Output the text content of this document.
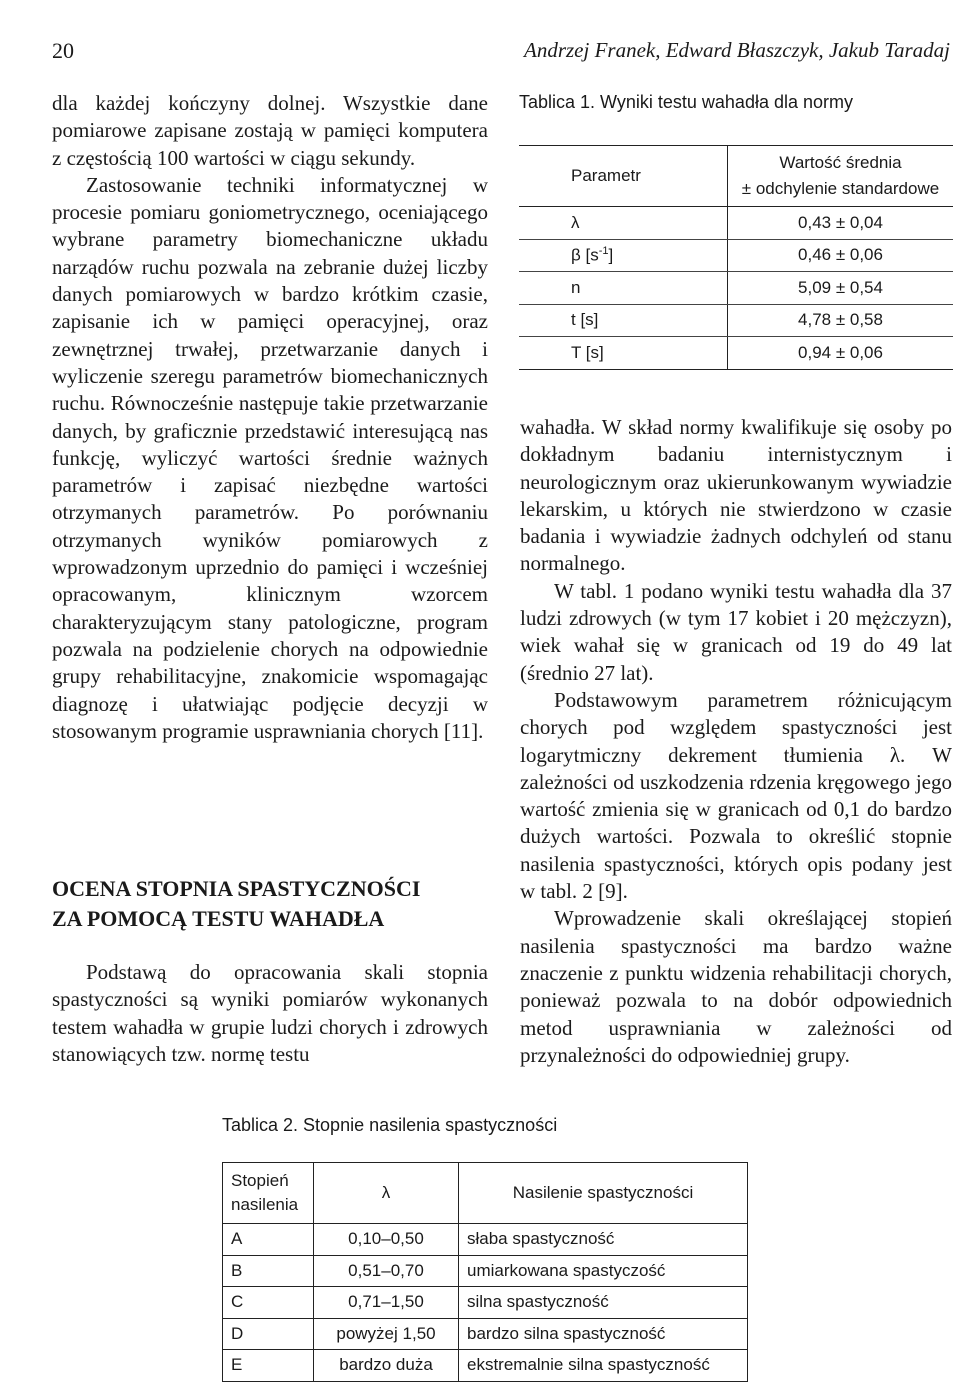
20	Andrzej Franek, Edward Błaszczyk, Jakub Taradaj

dla każdej kończyny dolnej. Wszystkie dane pomiarowe zapisane zostają w pamięci komputera z częstością 100 wartości w ciągu sekundy.

Zastosowanie techniki informatycznej w procesie pomiaru goniometrycznego, oceniającego wybrane parametry biomechaniczne układu narządów ruchu pozwala na zebranie dużej liczby danych pomiarowych w bardzo krótkim czasie, zapisanie ich w pamięci operacyjnej, oraz zewnętrznej trwałej, przetwarzanie danych i wyliczenie szeregu parametrów biomechanicznych ruchu. Równocześnie następuje takie przetwarzanie danych, by graficznie przedstawić interesującą nas funkcję, wyliczyć wartości średnie ważnych parametrów i zapisać niezbędne wartości otrzymanych parametrów. Po porównaniu otrzymanych wyników pomiarowych z wprowadzonym uprzednio do pamięci i wcześniej opracowanym, klinicznym wzorcem charakteryzującym stany patologiczne, program pozwala na podzielenie chorych na odpowiednie grupy rehabilitacyjne, znakomicie wspomagając diagnozę i ułatwiając podjęcie decyzji w stosowanym programie usprawniania chorych [11].

OCENA STOPNIA SPASTYCZNOŚCI
ZA POMOCĄ TESTU WAHADŁA

Podstawą do opracowania skali stopnia spastyczności są wyniki pomiarów wykonanych testem wahadła w grupie ludzi chorych i zdrowych stanowiących tzw. normę testu

Tablica 1. Wyniki testu wahadła dla normy
Parametr	Wartość średnia
± odchylenie standardowe

λ	0,43 ± 0,04
β $[s^{-1}]$	0,46 ± 0,06
n	5,09 ± 0,54
t [s]	4,78 ± 0,58
T [s]	0,94 ± 0,06

wahadła. W skład normy kwalifikuje się osoby po dokładnym badaniu internistycznym i neurologicznym oraz ukierunkowanym wywiadzie lekarskim, u których nie stwierdzono w czasie badania i wywiadzie żadnych odchyleń od stanu normalnego.

W tabl. 1 podano wyniki testu wahadła dla 37 ludzi zdrowych (w tym 17 kobiet i 20 mężczyzn), wiek wahał się w granicach od 19 do 49 lat (średnio 27 lat).

Podstawowym parametrem różnicującym chorych pod względem spastyczności jest logarytmiczny dekrement tłumienia λ. W zależności od uszkodzenia rdzenia kręgowego jego wartość zmienia się w granicach od 0,1 do bardzo dużych wartości. Pozwala to określić stopnie nasilenia spastyczności, których opis podany jest w tabl. 2 [9].

Wprowadzenie skali określającej stopień nasilenia spastyczności ma bardzo ważne znaczenie z punktu widzenia rehabilitacji chorych, ponieważ pozwala to na dobór odpowiednich metod usprawniania w zależności od przynależności do odpowiedniej grupy.

Tablica 2. Stopnie nasilenia spastyczności
Stopień
nasilenia	λ	Nasilenie spastyczności
A	0,10–0,50	słaba spastyczność
B	0,51–0,70	umiarkowana spastyczość
C	0,71–1,50	silna spastyczność
D	powyżej 1,50	bardzo silna spastyczność
E	bardzo duża	ekstremalnie silna spastyczność
